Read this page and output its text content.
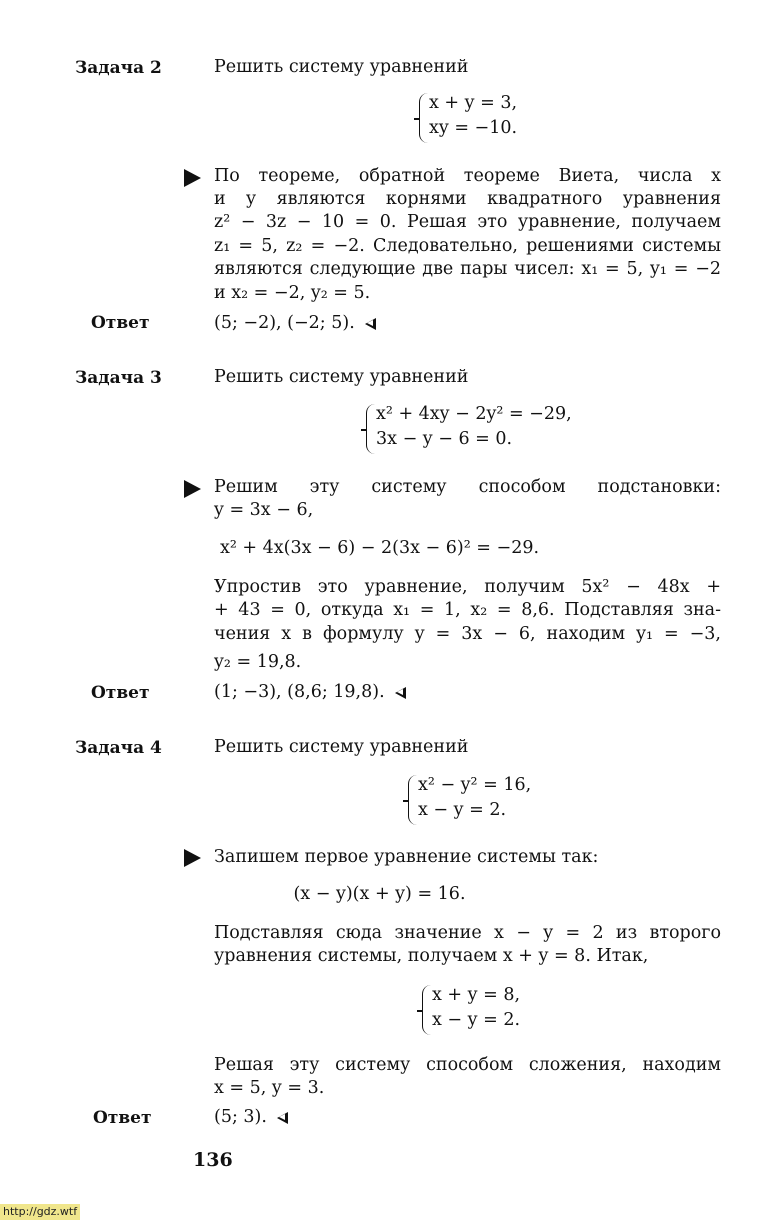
Задача 2	Решить систему уравнений
x + y = 3,
xy = −10.
По теореме, обратной теореме Виета, числа x
и y являются корнями квадратного уравнения
z² − 3z − 10 = 0. Решая это уравнение, получаем
z₁ = 5, z₂ = −2. Следовательно, решениями системы
являются следующие две пары чисел: x₁ = 5, y₁ = −2
и x₂ = −2, y₂ = 5.
Ответ	(5; −2), (−2; 5).
Задача 3	Решить систему уравнений
x² + 4xy − 2y² = −29,
3x − y − 6 = 0.
Решим эту систему способом подстановки:
y = 3x − 6,
x² + 4x(3x − 6) − 2(3x − 6)² = −29.
Упростив это уравнение, получим 5x² − 48x +
+ 43 = 0, откуда x₁ = 1, x₂ = 8,6. Подставляя зна-
чения x в формулу y = 3x − 6, находим y₁ = −3,
y₂ = 19,8.
Ответ	(1; −3), (8,6; 19,8).
Задача 4	Решить систему уравнений
x² − y² = 16,
x − y = 2.
Запишем первое уравнение системы так:
(x − y)(x + y) = 16.
Подставляя сюда значение x − y = 2 из второго
уравнения системы, получаем x + y = 8. Итак,
x + y = 8,
x − y = 2.
Решая эту систему способом сложения, находим
x = 5, y = 3.
Ответ	(5; 3).
136
http://gdz.wtf
